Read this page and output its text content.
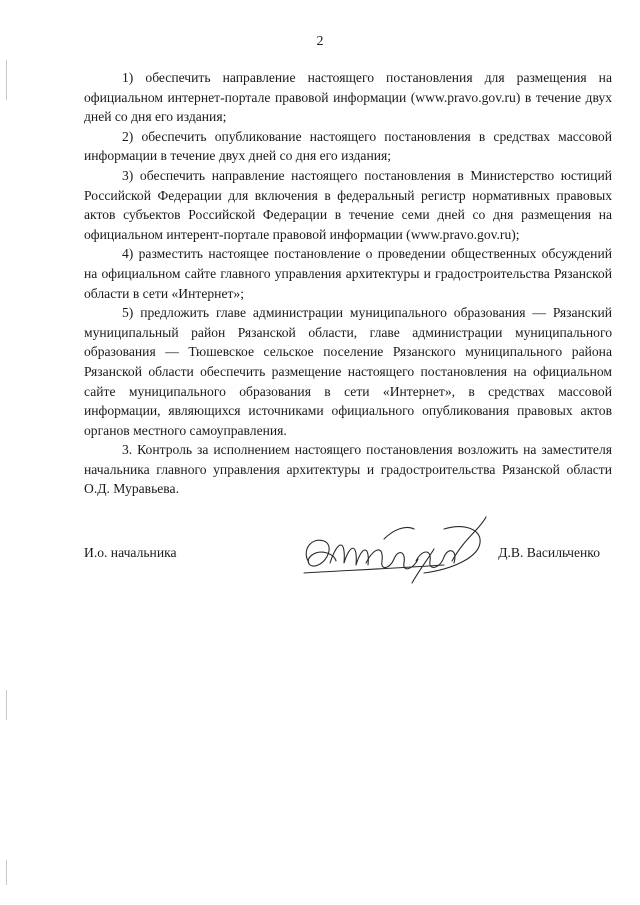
2

1) обеспечить направление настоящего постановления для размещения на официальном интернет-портале правовой информации (www.pravo.gov.ru) в течение двух дней со дня его издания;

2) обеспечить опубликование настоящего постановления в средствах массовой информации в течение двух дней со дня его издания;

3) обеспечить направление настоящего постановления в Министерство юстиций Российской Федерации для включения в федеральный регистр нормативных правовых актов субъектов Российской Федерации в течение семи дней со дня размещения на официальном интерент-портале правовой информации (www.pravo.gov.ru);

4) разместить настоящее постановление о проведении общественных обсуждений на официальном сайте главного управления архитектуры и градостроительства Рязанской области в сети «Интернет»;

5) предложить главе администрации муниципального образования — Рязанский муниципальный район Рязанской области, главе администрации муниципального образования — Тюшевское сельское поселение Рязанского муниципального района Рязанской области обеспечить размещение настоящего постановления на официальном сайте муниципального образования в сети «Интернет», в средствах массовой информации, являющихся источниками официального опубликования правовых актов органов местного самоуправления.

3. Контроль за исполнением настоящего постановления возложить на заместителя начальника главного управления архитектуры и градостроительства Рязанской области О.Д. Муравьева.

И.о. начальника	Д.В. Васильченко
